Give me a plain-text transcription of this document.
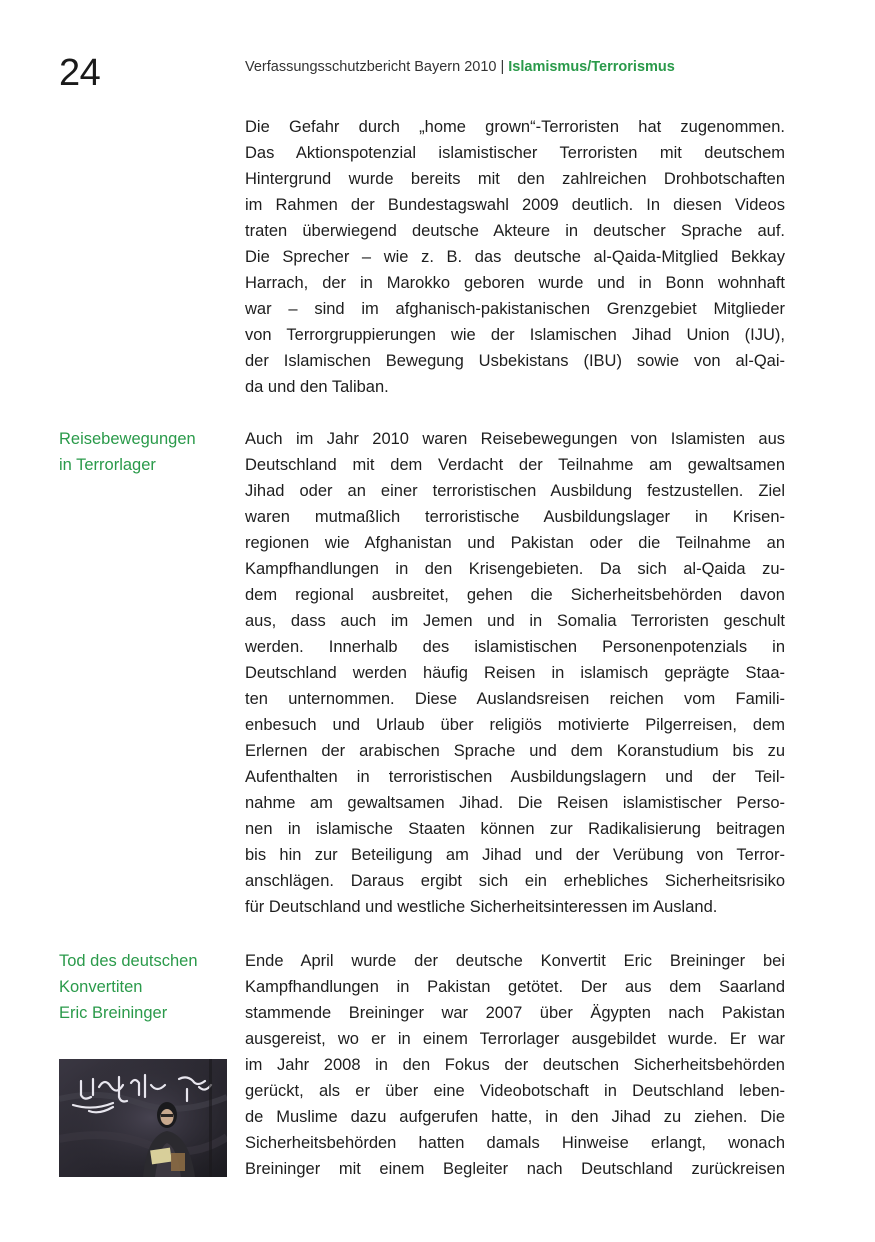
24	Verfassungsschutzbericht Bayern 2010 | Islamismus/Terrorismus
Die Gefahr durch „home grown“-Terroristen hat zugenommen.
Das Aktionspotenzial islamistischer Terroristen mit deutschem
Hintergrund wurde bereits mit den zahlreichen Drohbotschaften
im Rahmen der Bundestagswahl 2009 deutlich. In diesen Videos
traten überwiegend deutsche Akteure in deutscher Sprache auf.
Die Sprecher – wie z. B. das deutsche al-Qaida-Mitglied Bekkay
Harrach, der in Marokko geboren wurde und in Bonn wohnhaft
war – sind im afghanisch-pakistanischen Grenzgebiet Mitglieder
von Terrorgruppierungen wie der Islamischen Jihad Union (IJU),
der Islamischen Bewegung Usbekistans (IBU) sowie von al-Qai-
da und den Taliban.
Reisebewegungen
in Terrorlager
Auch im Jahr 2010 waren Reisebewegungen von Islamisten aus
Deutschland mit dem Verdacht der Teilnahme am gewaltsamen
Jihad oder an einer terroristischen Ausbildung festzustellen. Ziel
waren mutmaßlich terroristische Ausbildungslager in Krisen-
regionen wie Afghanistan und Pakistan oder die Teilnahme an
Kampfhandlungen in den Krisengebieten. Da sich al-Qaida zu-
dem regional ausbreitet, gehen die Sicherheitsbehörden davon
aus, dass auch im Jemen und in Somalia Terroristen geschult
werden. Innerhalb des islamistischen Personenpotenzials in
Deutschland werden häufig Reisen in islamisch geprägte Staa-
ten unternommen. Diese Auslandsreisen reichen vom Famili-
enbesuch und Urlaub über religiös motivierte Pilgerreisen, dem
Erlernen der arabischen Sprache und dem Koranstudium bis zu
Aufenthalten in terroristischen Ausbildungslagern und der Teil-
nahme am gewaltsamen Jihad. Die Reisen islamistischer Perso-
nen in islamische Staaten können zur Radikalisierung beitragen
bis hin zur Beteiligung am Jihad und der Verübung von Terror-
anschlägen. Daraus ergibt sich ein erhebliches Sicherheitsrisiko
für Deutschland und westliche Sicherheitsinteressen im Ausland.
Tod des deutschen
Konvertiten
Eric Breininger
Ende April wurde der deutsche Konvertit Eric Breininger bei
Kampfhandlungen in Pakistan getötet. Der aus dem Saarland
stammende Breininger war 2007 über Ägypten nach Pakistan
ausgereist, wo er in einem Terrorlager ausgebildet wurde. Er war
im Jahr 2008 in den Fokus der deutschen Sicherheitsbehörden
gerückt, als er über eine Videobotschaft in Deutschland leben-
de Muslime dazu aufgerufen hatte, in den Jihad zu ziehen. Die
Sicherheitsbehörden hatten damals Hinweise erlangt, wonach
Breininger mit einem Begleiter nach Deutschland zurückreisen
